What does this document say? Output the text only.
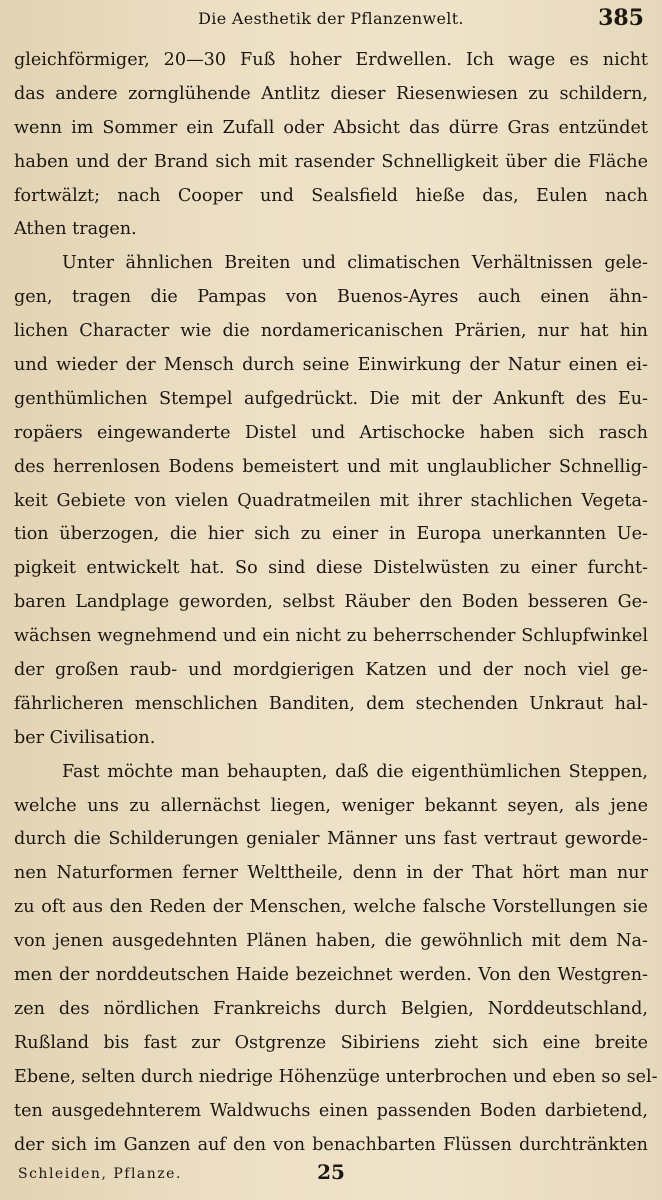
Die Aesthetik der Pflanzenwelt.	385
gleichförmiger, 20—30 Fuß hoher Erdwellen. Ich wage es nicht
das andere zornglühende Antlitz dieser Riesenwiesen zu schildern,
wenn im Sommer ein Zufall oder Absicht das dürre Gras entzündet
haben und der Brand sich mit rasender Schnelligkeit über die Fläche
fortwälzt; nach Cooper und Sealsfield hieße das, Eulen nach
Athen tragen.
Unter ähnlichen Breiten und climatischen Verhältnissen gele-
gen, tragen die Pampas von Buenos-Ayres auch einen ähn-
lichen Character wie die nordamericanischen Prärien, nur hat hin
und wieder der Mensch durch seine Einwirkung der Natur einen ei-
genthümlichen Stempel aufgedrückt. Die mit der Ankunft des Eu-
ropäers eingewanderte Distel und Artischocke haben sich rasch
des herrenlosen Bodens bemeistert und mit unglaublicher Schnellig-
keit Gebiete von vielen Quadratmeilen mit ihrer stachlichen Vegeta-
tion überzogen, die hier sich zu einer in Europa unerkannten Ue-
pigkeit entwickelt hat. So sind diese Distelwüsten zu einer furcht-
baren Landplage geworden, selbst Räuber den Boden besseren Ge-
wächsen wegnehmend und ein nicht zu beherrschender Schlupfwinkel
der großen raub- und mordgierigen Katzen und der noch viel ge-
fährlicheren menschlichen Banditen, dem stechenden Unkraut hal-
ber Civilisation.
Fast möchte man behaupten, daß die eigenthümlichen Steppen,
welche uns zu allernächst liegen, weniger bekannt seyen, als jene
durch die Schilderungen genialer Männer uns fast vertraut geworde-
nen Naturformen ferner Welttheile, denn in der That hört man nur
zu oft aus den Reden der Menschen, welche falsche Vorstellungen sie
von jenen ausgedehnten Plänen haben, die gewöhnlich mit dem Na-
men der norddeutschen Haide bezeichnet werden. Von den Westgren-
zen des nördlichen Frankreichs durch Belgien, Norddeutschland,
Rußland bis fast zur Ostgrenze Sibiriens zieht sich eine breite
Ebene, selten durch niedrige Höhenzüge unterbrochen und eben so sel-
ten ausgedehnterem Waldwuchs einen passenden Boden darbietend,
der sich im Ganzen auf den von benachbarten Flüssen durchtränkten
Schleiden, Pflanze.	25
